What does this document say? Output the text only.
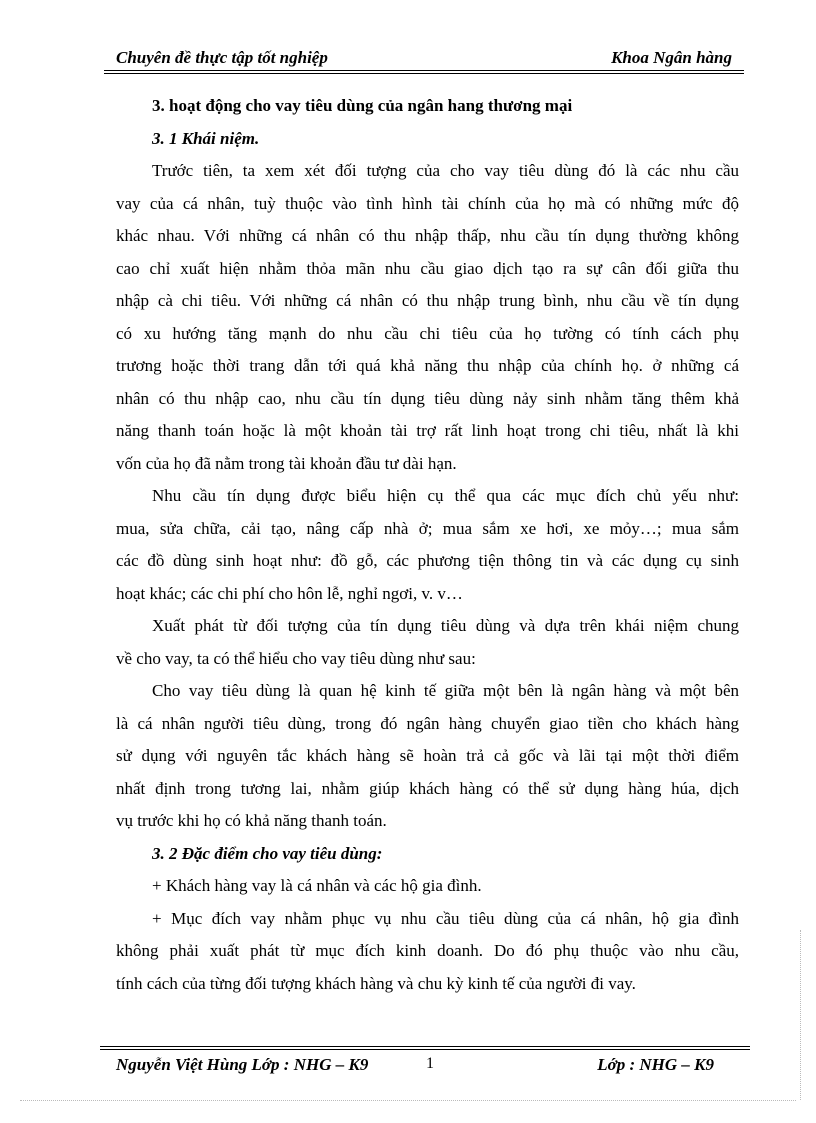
Chuyên đề thực tập tốt nghiệp	Khoa Ngân hàng
3. hoạt động cho vay tiêu dùng của ngân hang thương mại
3. 1 Khái niệm.
Trước tiên, ta xem xét đối tượng của cho vay tiêu dùng đó là các nhu cầu
vay của cá nhân, tuỳ thuộc vào tình hình tài chính của họ mà có những mức độ
khác nhau. Với những cá nhân có thu nhập thấp, nhu cầu tín dụng thường không
cao chỉ xuất hiện nhằm thỏa mãn nhu cầu giao dịch tạo ra sự cân đối giữa thu
nhập cà chi tiêu. Với những cá nhân có thu nhập trung bình, nhu cầu về tín dụng
có xu hướng tăng mạnh do nhu cầu chi tiêu của họ tường có tính cách phụ
trương hoặc thời trang dẫn tới quá khả năng thu nhập của chính họ. ở những cá
nhân có thu nhập cao, nhu cầu tín dụng tiêu dùng nảy sinh nhằm tăng thêm khả
năng thanh toán hoặc là một khoản tài trợ rất linh hoạt trong chi tiêu, nhất là khi
vốn của họ đã nằm trong tài khoản đầu tư dài hạn.
Nhu cầu tín dụng được biểu hiện cụ thể qua các mục đích chủ yếu như:
mua, sửa chữa, cải tạo, nâng cấp nhà ở; mua sắm xe hơi, xe mỏy…; mua sắm
các đồ dùng sinh hoạt như: đồ gỗ, các phương tiện thông tin và các dụng cụ sinh
hoạt khác; các chi phí cho hôn lễ, nghỉ ngơi, v. v…
Xuất phát từ đối tượng của tín dụng tiêu dùng và dựa trên khái niệm chung
về cho vay, ta có thể hiểu cho vay tiêu dùng như sau:
Cho vay tiêu dùng là quan hệ kinh tế giữa một bên là ngân hàng và một bên
là cá nhân người tiêu dùng, trong đó ngân hàng chuyển giao tiền cho khách hàng
sử dụng với nguyên tắc khách hàng sẽ hoàn trả cả gốc và lãi tại một thời điểm
nhất định trong tương lai, nhằm giúp khách hàng có thể sử dụng hàng húa, dịch
vụ trước khi họ có khả năng thanh toán.
3. 2 Đặc điểm cho vay tiêu dùng:
+ Khách hàng vay là cá nhân và các hộ gia đình.
+ Mục đích vay nhằm phục vụ nhu cầu tiêu dùng của cá nhân, hộ gia đình
không phải xuất phát từ mục đích kinh doanh. Do đó phụ thuộc vào nhu cầu,
tính cách của từng đối tượng khách hàng và chu kỳ kinh tế của người đi vay.
Nguyễn Việt Hùng Lớp : NHG – K9	1	Lớp : NHG – K9
